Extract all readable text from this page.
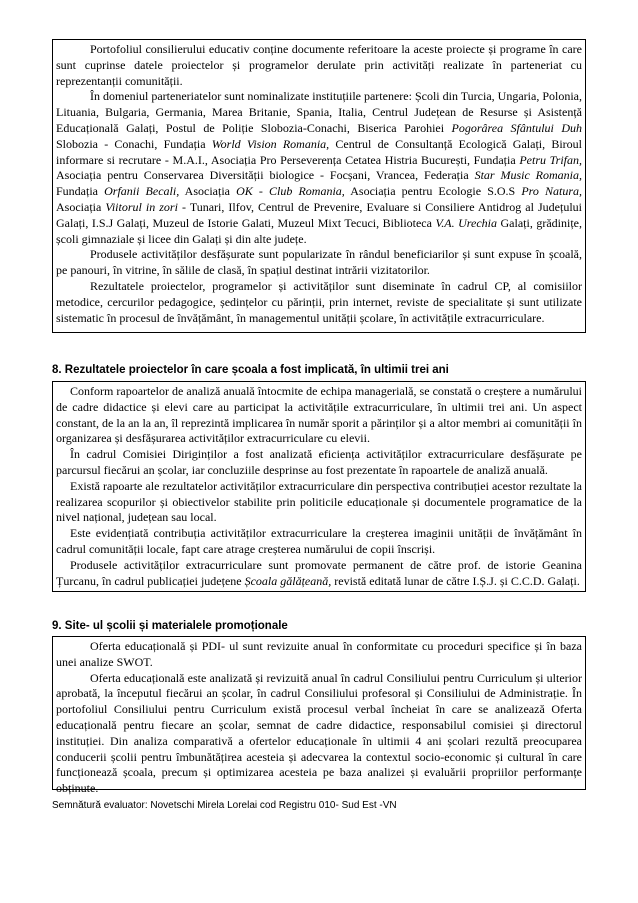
Portofoliul consilierului educativ conține documente referitoare la aceste proiecte și programe în care sunt cuprinse datele proiectelor și programelor derulate prin activități realizate în parteneriat cu reprezentanții comunității.

În domeniul parteneriatelor sunt nominalizate instituțiile partenere: Școli din Turcia, Ungaria, Polonia, Lituania, Bulgaria, Germania, Marea Britanie, Spania, Italia, Centrul Județean de Resurse și Asistență Educațională Galați, Postul de Poliție Slobozia-Conachi, Biserica Parohiei Pogorârea Sfântului Duh Slobozia - Conachi, Fundația World Vision Romania, Centrul de Consultanță Ecologică Galați, Biroul informare si recrutare - M.A.I., Asociația Pro Perseverența Cetatea Histria București, Fundația Petru Trifan, Asociația pentru Conservarea Diversității biologice - Focșani, Vrancea, Federația Star Music Romania, Fundația Orfanii Becali, Asociația OK - Club Romania, Asociația pentru Ecologie S.O.S Pro Natura, Asociația Viitorul in zori - Tunari, Ilfov, Centrul de Prevenire, Evaluare si Consiliere Antidrog al Județului Galați, I.S.J Galați, Muzeul de Istorie Galati, Muzeul Mixt Tecuci, Biblioteca V.A. Urechia Galați, grădinițe, școli gimnaziale și licee din Galați și din alte județe.

Produsele activităților desfășurate sunt popularizate în rândul beneficiarilor și sunt expuse în școală, pe panouri, în vitrine, în sălile de clasă, în spațiul destinat intrării vizitatorilor.

Rezultatele proiectelor, programelor și activităților sunt diseminate în cadrul CP, al comisiilor metodice, cercurilor pedagogice, ședințelor cu părinții, prin internet, reviste de specialitate și sunt utilizate sistematic în procesul de învățământ, în managementul unității școlare, în activitățile extracurriculare.

8. Rezultatele proiectelor în care școala a fost implicată, în ultimii trei ani

Conform rapoartelor de analiză anuală întocmite de echipa managerială, se constată o creștere a numărului de cadre didactice și elevi care au participat la activitățile extracurriculare, în ultimii trei ani. Un aspect constant, de la an la an, îl reprezintă implicarea în număr sporit a părinților și a altor membri ai comunității în organizarea și desfășurarea activităților extracurriculare cu elevii.

În cadrul Comisiei Diriginților a fost analizată eficiența activităților extracurriculare desfășurate pe parcursul fiecărui an școlar, iar concluziile desprinse au fost prezentate în rapoartele de analiză anuală.

Există rapoarte ale rezultatelor activităților extracurriculare din perspectiva contribuției acestor rezultate la realizarea scopurilor și obiectivelor stabilite prin politicile educaționale și documentele programatice de la nivel național, județean sau local.

Este evidențiată contribuția activităților extracurriculare la creșterea imaginii unității de învățământ în cadrul comunității locale, fapt care atrage creșterea numărului de copii înscriși.

Produsele activităților extracurriculare sunt promovate permanent de către prof. de istorie Geanina Țurcanu, în cadrul publicației județene Școala gălățeană, revistă editată lunar de către I.Ș.J. și C.C.D. Galați.

9. Site- ul școlii și materialele promoționale

Oferta educațională și PDI- ul sunt revizuite anual în conformitate cu proceduri specifice și în baza unei analize SWOT.

Oferta educațională este analizată și revizuită anual în cadrul Consiliului pentru Curriculum și ulterior aprobată, la începutul fiecărui an școlar, în cadrul Consiliului profesoral și Consiliului de Administrație. În portofoliul Consiliului pentru Curriculum există procesul verbal încheiat în care se analizează Oferta educațională pentru fiecare an școlar, semnat de cadre didactice, responsabilul comisiei și directorul instituției. Din analiza comparativă a ofertelor educaționale în ultimii 4 ani școlari rezultă preocuparea conducerii școlii pentru îmbunătățirea acesteia și adecvarea la contextul socio-economic și cultural în care funcționează școala, precum și optimizarea acesteia pe baza analizei și evaluării propriilor performanțe obținute.

Semnătură evaluator: Novetschi Mirela Lorelai cod Registru 010- Sud Est -VN
